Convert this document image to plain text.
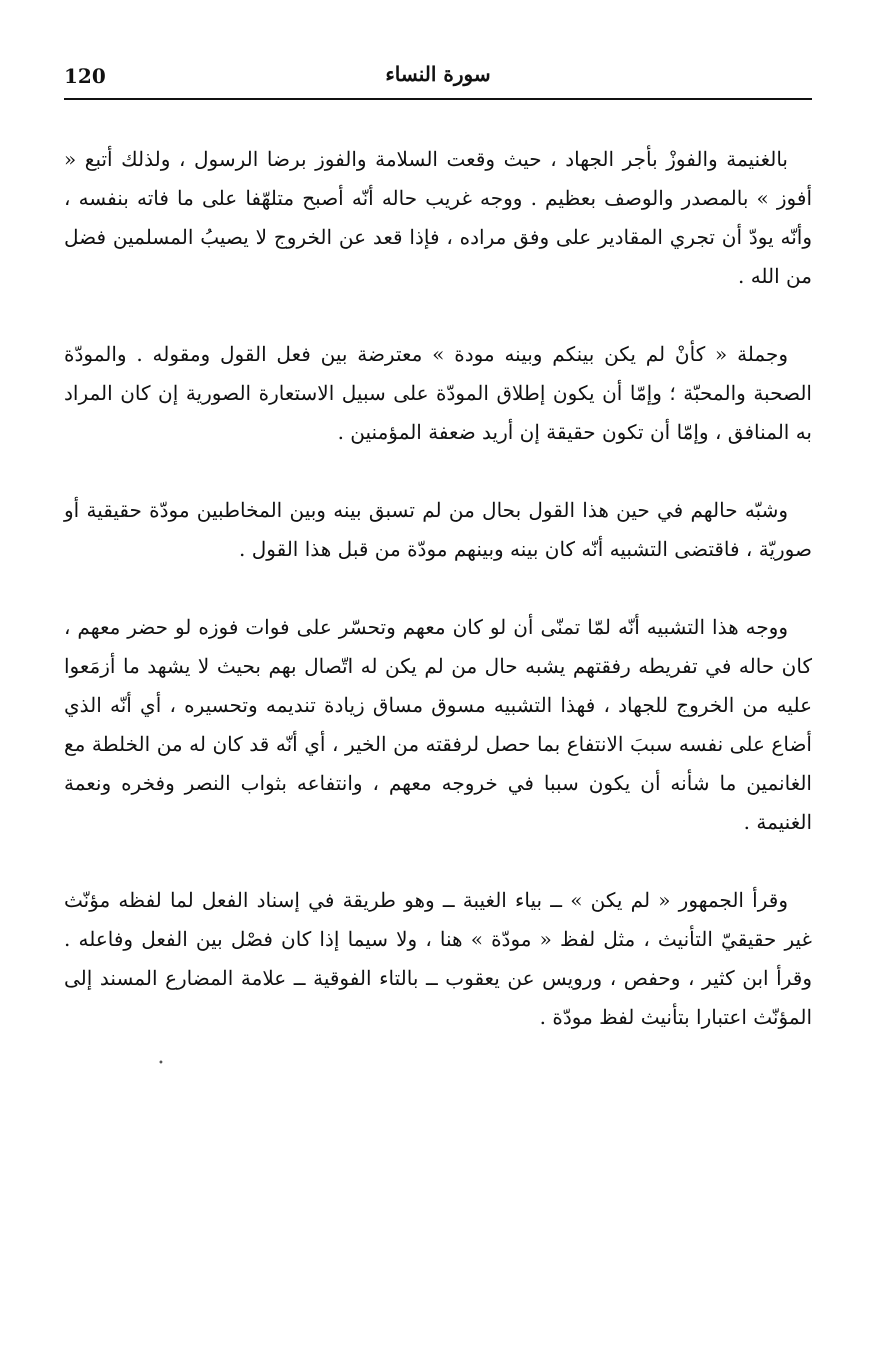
120	سورة النساء

بالغنيمة والفوزْ بأجر الجهاد ، حيث وقعت السلامة والفوز برضا الرسول ، ولذلك أتبع « أفوز » بالمصدر والوصف بعظيم . ووجه غريب حاله أنّه أصبح متلهّفا على ما فاته بنفسه ، وأنّه يودّ أن تجري المقادير على وفق مراده ، فإذا قعد عن الخروج لا يصيبُ المسلمين فضل من الله .

وجملة « كأنْ لم يكن بينكم وبينه مودة » معترضة بين فعل القول ومقوله . والمودّة الصحبة والمحبّة ؛ وإمّا أن يكون إطلاق المودّة على سبيل الاستعارة الصورية إن كان المراد به المنافق ، وإمّا أن تكون حقيقة إن أريد ضعفة المؤمنين .

وشبّه حالهم في حين هذا القول بحال من لم تسبق بينه وبين المخاطبين مودّة حقيقية أو صوريّة ، فاقتضى التشبيه أنّه كان بينه وبينهم مودّة من قبل هذا القول .

ووجه هذا التشبيه أنّه لمّا تمنّى أن لو كان معهم وتحسّر على فوات فوزه لو حضر معهم ، كان حاله في تفريطه رفقتهم يشبه حال من لم يكن له اتّصال بهم بحيث لا يشهد ما أزمَعوا عليه من الخروج للجهاد ، فهذا التشبيه مسوق مساق زيادة تنديمه وتحسيره ، أي أنّه الذي أضاع على نفسه سببَ الانتفاع بما حصل لرفقته من الخير ، أي أنّه قد كان له من الخلطة مع الغانمين ما شأنه أن يكون سببا في خروجه معهم ، وانتفاعه بثواب النصر وفخره ونعمة الغنيمة .

وقرأ الجمهور « لم يكن » ــ بياء الغيبة ــ وهو طريقة في إسناد الفعل لما لفظه مؤنّث غير حقيقيّ التأنيث ، مثل لفظ « مودّة » هنا ، ولا سيما إذا كان فصْل بين الفعل وفاعله . وقرأ ابن كثير ، وحفص ، ورويس عن يعقوب ــ بالتاء الفوقية ــ علامة المضارع المسند إلى المؤنّث اعتبارا بتأنيث لفظ مودّة .

•
